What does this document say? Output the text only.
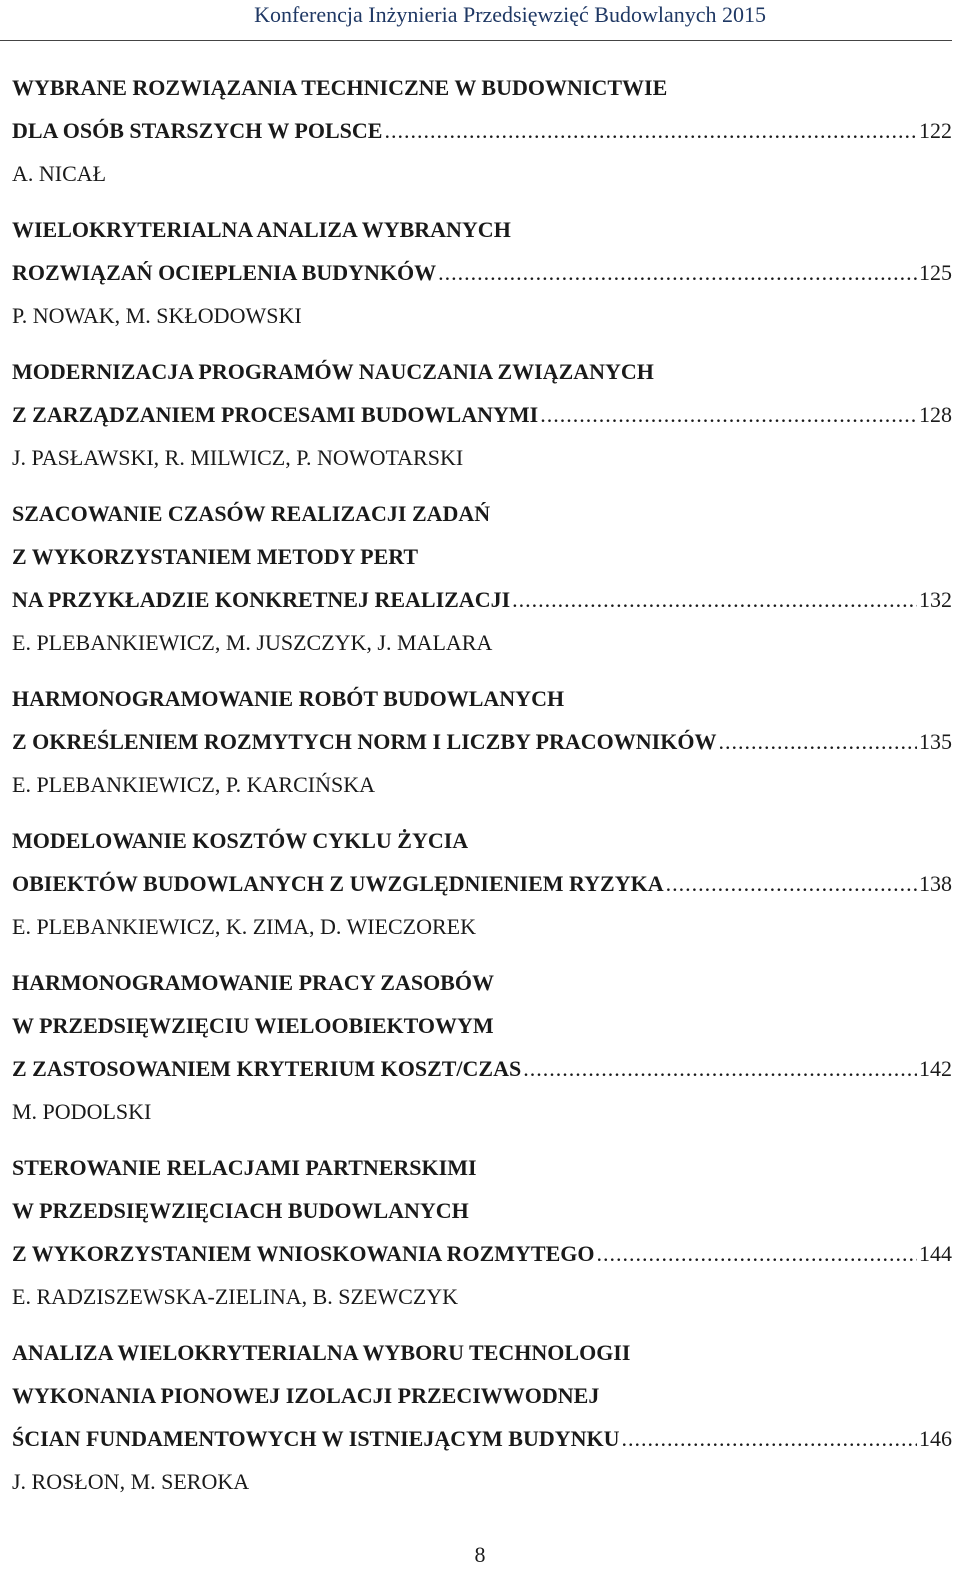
Konferencja Inżynieria Przedsięwzięć Budowlanych 2015
WYBRANE ROZWIĄZANIA TECHNICZNE W BUDOWNICTWIE
DLA OSÓB STARSZYCH W POLSCE .....	122
A. NICAŁ
WIELOKRYTERIALNA ANALIZA WYBRANYCH
ROZWIĄZAŃ OCIEPLENIA BUDYNKÓW .....	125
P. NOWAK, M. SKŁODOWSKI
MODERNIZACJA PROGRAMÓW NAUCZANIA ZWIĄZANYCH
Z ZARZĄDZANIEM PROCESAMI BUDOWLANYMI .....	128
J. PASŁAWSKI, R. MILWICZ, P. NOWOTARSKI
SZACOWANIE CZASÓW REALIZACJI ZADAŃ
Z WYKORZYSTANIEM METODY PERT
NA PRZYKŁADZIE KONKRETNEJ REALIZACJI .....	132
E. PLEBANKIEWICZ, M. JUSZCZYK, J. MALARA
HARMONOGRAMOWANIE ROBÓT BUDOWLANYCH
Z OKREŚLENIEM ROZMYTYCH NORM I LICZBY PRACOWNIKÓW .....	135
E. PLEBANKIEWICZ, P. KARCIŃSKA
MODELOWANIE KOSZTÓW CYKLU ŻYCIA
OBIEKTÓW BUDOWLANYCH Z UWZGLĘDNIENIEM RYZYKA .....	138
E. PLEBANKIEWICZ, K. ZIMA, D. WIECZOREK
HARMONOGRAMOWANIE PRACY ZASOBÓW
W PRZEDSIĘWZIĘCIU WIELOOBIEKTOWYM
Z ZASTOSOWANIEM KRYTERIUM KOSZT/CZAS .....	142
M. PODOLSKI
STEROWANIE RELACJAMI PARTNERSKIMI
W PRZEDSIĘWZIĘCIACH BUDOWLANYCH
Z WYKORZYSTANIEM WNIOSKOWANIA ROZMYTEGO .....	144
E. RADZISZEWSKA-ZIELINA, B. SZEWCZYK
ANALIZA WIELOKRYTERIALNA WYBORU TECHNOLOGII
WYKONANIA PIONOWEJ IZOLACJI PRZECIWWODNEJ
ŚCIAN FUNDAMENTOWYCH W ISTNIEJĄCYM BUDYNKU .....	146
J. ROSŁON, M. SEROKA
8
